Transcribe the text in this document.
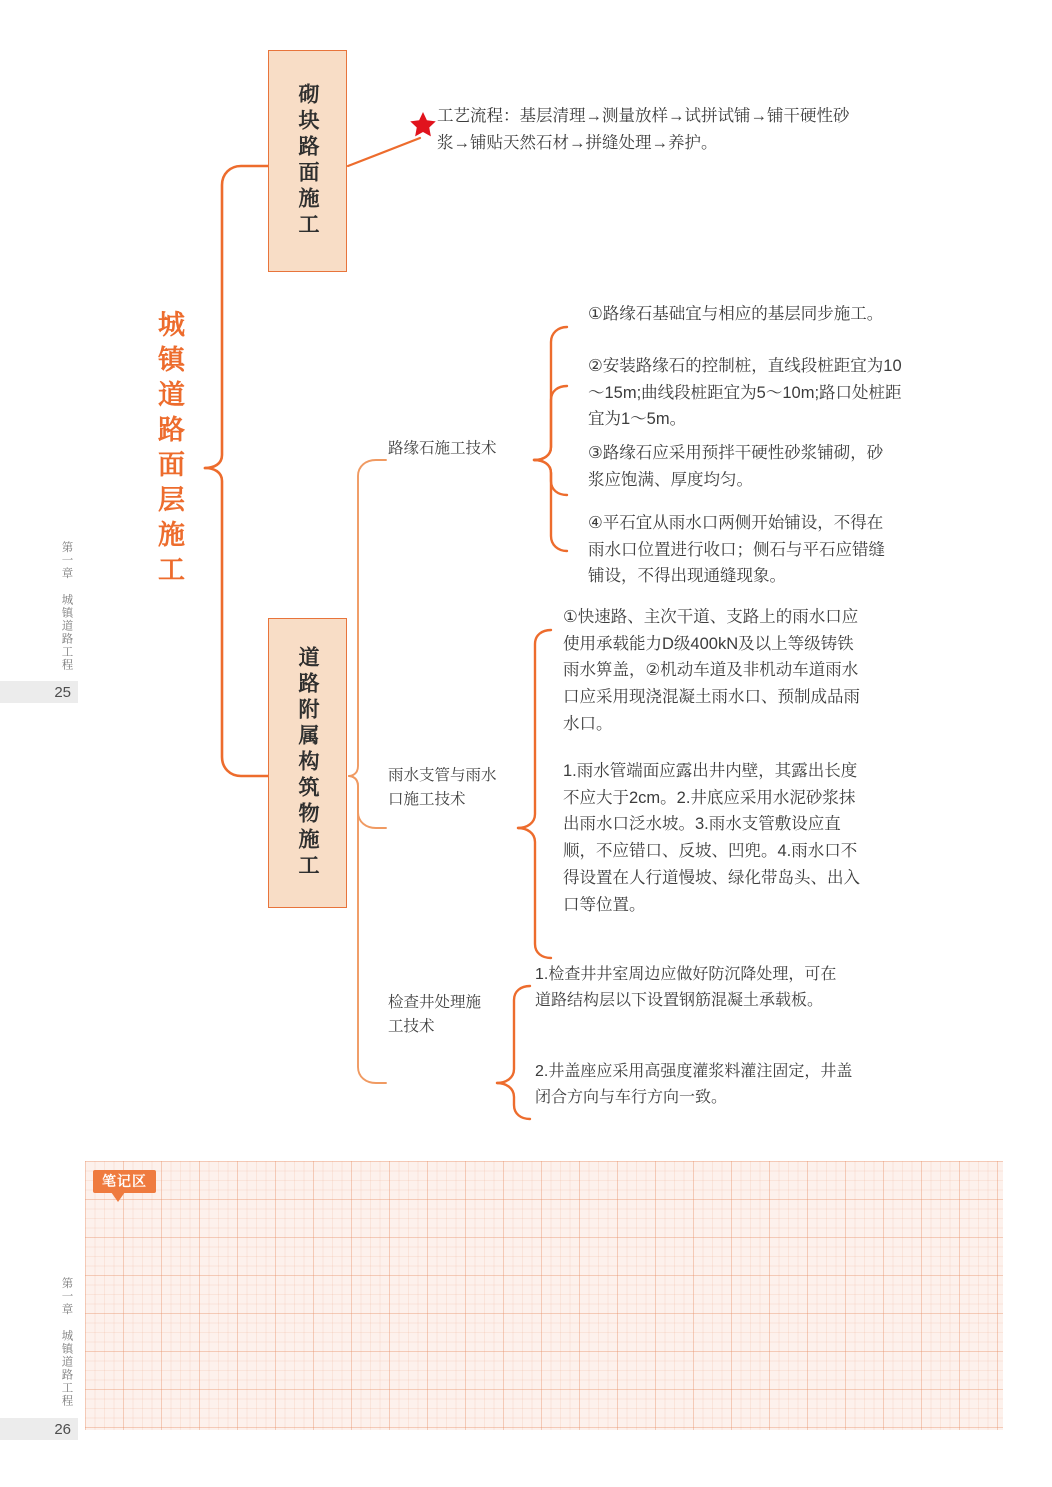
城镇道路面层施工
砌块路面施工
道路附属构筑物施工
工艺流程：基层清理→测量放样→试拼试铺→铺干硬性砂浆→铺贴天然石材→拼缝处理→养护。
路缘石施工技术
雨水支管与雨水口施工技术
检查井处理施工技术
①路缘石基础宜与相应的基层同步施工。
②安装路缘石的控制桩，直线段桩距宜为10～15m;曲线段桩距宜为5～10m;路口处桩距宜为1～5m。
③路缘石应采用预拌干硬性砂浆铺砌，砂浆应饱满、厚度均匀。
④平石宜从雨水口两侧开始铺设，不得在雨水口位置进行收口；侧石与平石应错缝铺设，不得出现通缝现象。
①快速路、主次干道、支路上的雨水口应使用承载能力D级400kN及以上等级铸铁雨水箅盖，②机动车道及非机动车道雨水口应采用现浇混凝土雨水口、预制成品雨水口。
1.雨水管端面应露出井内壁，其露出长度不应大于2cm。2.井底应采用水泥砂浆抹出雨水口泛水坡。3.雨水支管敷设应直顺，不应错口、反坡、凹兜。4.雨水口不得设置在人行道慢坡、绿化带岛头、出入口等位置。
1.检查井井室周边应做好防沉降处理，可在道路结构层以下设置钢筋混凝土承载板。
2.井盖座应采用高强度灌浆料灌注固定，井盖闭合方向与车行方向一致。
第一章 城镇道路工程
25
笔记区
第一章 城镇道路工程
26
